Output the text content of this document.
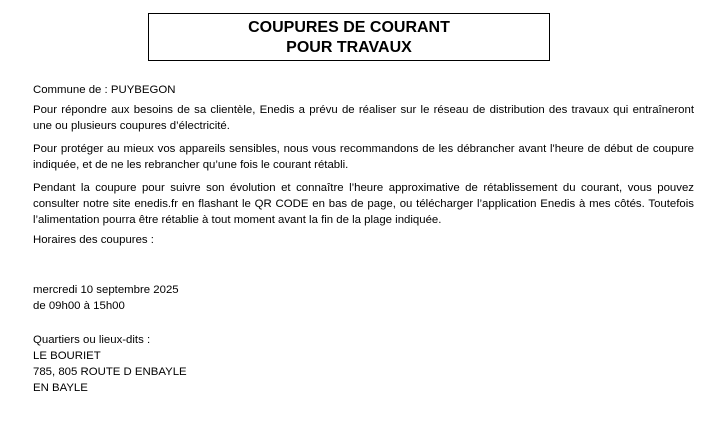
COUPURES DE COURANT
POUR TRAVAUX

Commune de : PUYBEGON

Pour répondre aux besoins de sa clientèle, Enedis a prévu de réaliser sur le réseau de distribution des travaux qui entraîneront une ou plusieurs coupures d’électricité.

Pour protéger au mieux vos appareils sensibles, nous vous recommandons de les débrancher avant l'heure de début de coupure indiquée, et de ne les rebrancher qu’une fois le courant rétabli.

Pendant la coupure pour suivre son évolution et connaître l’heure approximative de rétablissement du courant, vous pouvez consulter notre site enedis.fr en flashant le QR CODE en bas de page, ou télécharger l’application Enedis à mes côtés. Toutefois l’alimentation pourra être rétablie à tout moment avant la fin de la plage indiquée.

Horaires des coupures :

mercredi 10 septembre 2025

de 09h00 à 15h00

Quartiers ou lieux-dits :

LE BOURIET

785, 805 ROUTE D ENBAYLE

EN BAYLE
